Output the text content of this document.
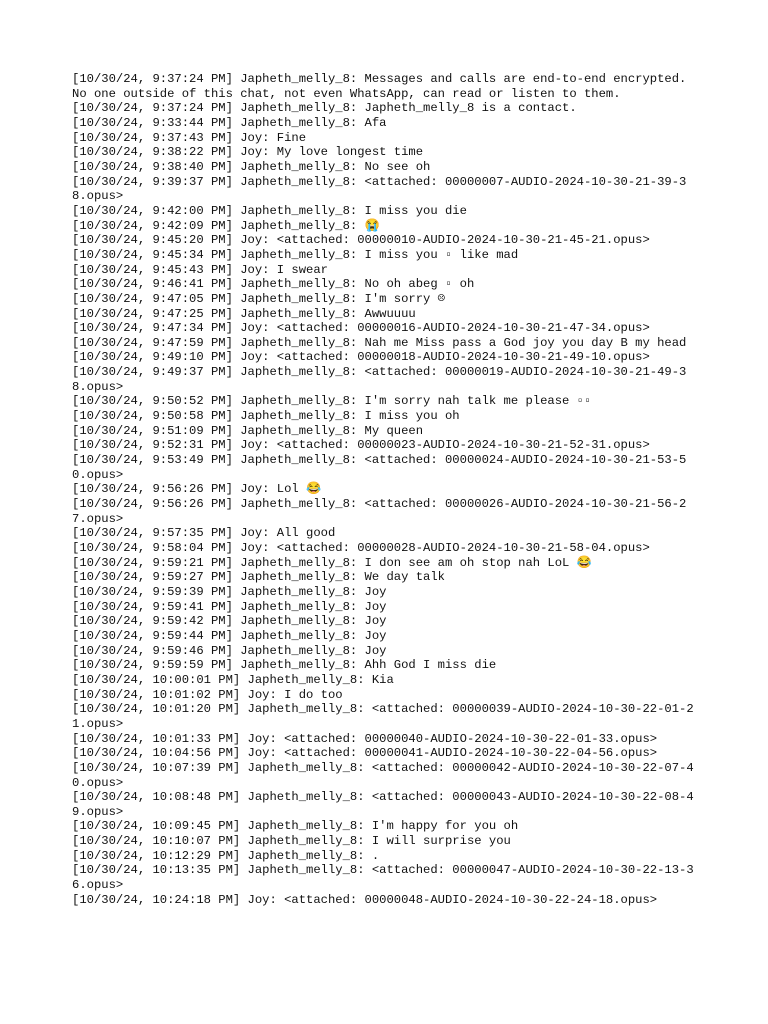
[10/30/24, 9:37:24 PM] Japheth_melly_8: Messages and calls are end-to-end encrypted. No one outside of this chat, not even WhatsApp, can read or listen to them.
[10/30/24, 9:37:24 PM] Japheth_melly_8: Japheth_melly_8 is a contact.
[10/30/24, 9:33:44 PM] Japheth_melly_8: Afa
[10/30/24, 9:37:43 PM] Joy: Fine
[10/30/24, 9:38:22 PM] Joy: My love longest time
[10/30/24, 9:38:40 PM] Japheth_melly_8: No see oh
[10/30/24, 9:39:37 PM] Japheth_melly_8: <attached: 00000007-AUDIO-2024-10-30-21-39-38.opus>
[10/30/24, 9:42:00 PM] Japheth_melly_8: I miss you die
[10/30/24, 9:42:09 PM] Japheth_melly_8: 😭
[10/30/24, 9:45:20 PM] Joy: <attached: 00000010-AUDIO-2024-10-30-21-45-21.opus>
[10/30/24, 9:45:34 PM] Japheth_melly_8: I miss you ▫ like mad
[10/30/24, 9:45:43 PM] Joy: I swear
[10/30/24, 9:46:41 PM] Japheth_melly_8: No oh abeg ▫ oh
[10/30/24, 9:47:05 PM] Japheth_melly_8: I'm sorry ☹
[10/30/24, 9:47:25 PM] Japheth_melly_8: Awwuuuu
[10/30/24, 9:47:34 PM] Joy: <attached: 00000016-AUDIO-2024-10-30-21-47-34.opus>
[10/30/24, 9:47:59 PM] Japheth_melly_8: Nah me Miss pass a God joy you day B my head
[10/30/24, 9:49:10 PM] Joy: <attached: 00000018-AUDIO-2024-10-30-21-49-10.opus>
[10/30/24, 9:49:37 PM] Japheth_melly_8: <attached: 00000019-AUDIO-2024-10-30-21-49-38.opus>
[10/30/24, 9:50:52 PM] Japheth_melly_8: I'm sorry nah talk me please ▫▫
[10/30/24, 9:50:58 PM] Japheth_melly_8: I miss you oh
[10/30/24, 9:51:09 PM] Japheth_melly_8: My queen
[10/30/24, 9:52:31 PM] Joy: <attached: 00000023-AUDIO-2024-10-30-21-52-31.opus>
[10/30/24, 9:53:49 PM] Japheth_melly_8: <attached: 00000024-AUDIO-2024-10-30-21-53-50.opus>
[10/30/24, 9:56:26 PM] Joy: Lol 😂
[10/30/24, 9:56:26 PM] Japheth_melly_8: <attached: 00000026-AUDIO-2024-10-30-21-56-27.opus>
[10/30/24, 9:57:35 PM] Joy: All good
[10/30/24, 9:58:04 PM] Joy: <attached: 00000028-AUDIO-2024-10-30-21-58-04.opus>
[10/30/24, 9:59:21 PM] Japheth_melly_8: I don see am oh stop nah LoL 😂
[10/30/24, 9:59:27 PM] Japheth_melly_8: We day talk
[10/30/24, 9:59:39 PM] Japheth_melly_8: Joy
[10/30/24, 9:59:41 PM] Japheth_melly_8: Joy
[10/30/24, 9:59:42 PM] Japheth_melly_8: Joy
[10/30/24, 9:59:44 PM] Japheth_melly_8: Joy
[10/30/24, 9:59:46 PM] Japheth_melly_8: Joy
[10/30/24, 9:59:59 PM] Japheth_melly_8: Ahh God I miss die
[10/30/24, 10:00:01 PM] Japheth_melly_8: Kia
[10/30/24, 10:01:02 PM] Joy: I do too
[10/30/24, 10:01:20 PM] Japheth_melly_8: <attached: 00000039-AUDIO-2024-10-30-22-01-21.opus>
[10/30/24, 10:01:33 PM] Joy: <attached: 00000040-AUDIO-2024-10-30-22-01-33.opus>
[10/30/24, 10:04:56 PM] Joy: <attached: 00000041-AUDIO-2024-10-30-22-04-56.opus>
[10/30/24, 10:07:39 PM] Japheth_melly_8: <attached: 00000042-AUDIO-2024-10-30-22-07-40.opus>
[10/30/24, 10:08:48 PM] Japheth_melly_8: <attached: 00000043-AUDIO-2024-10-30-22-08-49.opus>
[10/30/24, 10:09:45 PM] Japheth_melly_8: I'm happy for you oh
[10/30/24, 10:10:07 PM] Japheth_melly_8: I will surprise you
[10/30/24, 10:12:29 PM] Japheth_melly_8: .
[10/30/24, 10:13:35 PM] Japheth_melly_8: <attached: 00000047-AUDIO-2024-10-30-22-13-36.opus>
[10/30/24, 10:24:18 PM] Joy: <attached: 00000048-AUDIO-2024-10-30-22-24-18.opus>
